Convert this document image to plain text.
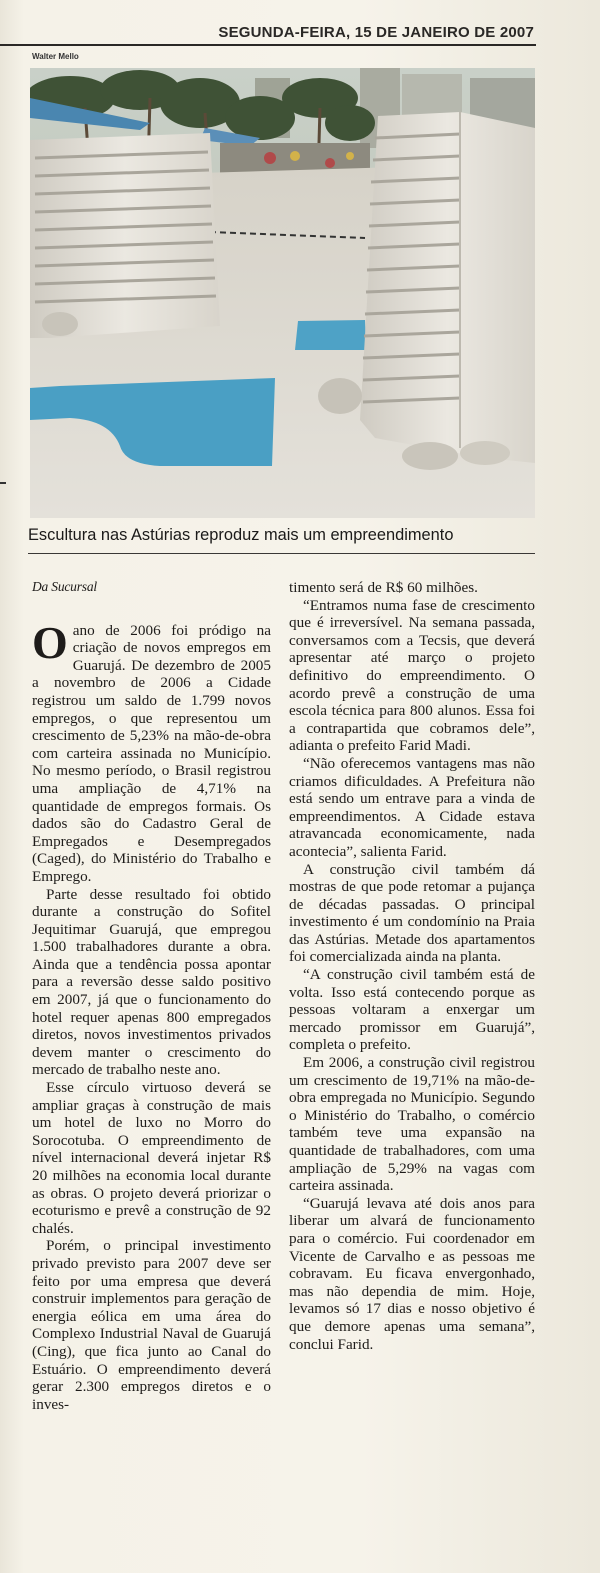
SEGUNDA-FEIRA, 15 DE JANEIRO DE 2007
Walter Mello
Escultura nas Astúrias reproduz mais um empreendimento
Da Sucursal

Oano de 2006 foi pródigo na criação de novos empregos em Guarujá. De dezembro de 2005 a novembro de 2006 a Cidade registrou um saldo de 1.799 novos empregos, o que representou um crescimento de 5,23% na mão-de-obra com carteira assinada no Município. No mesmo período, o Brasil registrou uma ampliação de 4,71% na quantidade de empregos formais. Os dados são do Cadastro Geral de Empregados e Desempregados (Caged), do Ministério do Trabalho e Emprego.

Parte desse resultado foi obtido durante a construção do Sofitel Jequitimar Guarujá, que empregou 1.500 trabalhadores durante a obra. Ainda que a tendência possa apontar para a reversão desse saldo positivo em 2007, já que o funcionamento do hotel requer apenas 800 empregados diretos, novos investimentos privados devem manter o crescimento do mercado de trabalho neste ano.

Esse círculo virtuoso deverá se ampliar graças à construção de mais um hotel de luxo no Morro do Sorocotuba. O empreendimento de nível internacional deverá injetar R$ 20 milhões na economia local durante as obras. O projeto deverá priorizar o ecoturismo e prevê a construção de 92 chalés.

Porém, o principal investimento privado previsto para 2007 deve ser feito por uma empresa que deverá construir implementos para geração de energia eólica em uma área do Complexo Industrial Naval de Guarujá (Cing), que fica junto ao Canal do Estuário. O empreendimento deverá gerar 2.300 empregos diretos e o inves-

timento será de R$ 60 milhões.

“Entramos numa fase de crescimento que é irreversível. Na semana passada, conversamos com a Tecsis, que deverá apresentar até março o projeto definitivo do empreendimento. O acordo prevê a construção de uma escola técnica para 800 alunos. Essa foi a contrapartida que cobramos dele”, adianta o prefeito Farid Madi.

“Não oferecemos vantagens mas não criamos dificuldades. A Prefeitura não está sendo um entrave para a vinda de empreendimentos. A Cidade estava atravancada economicamente, nada acontecia”, salienta Farid.

A construção civil também dá mostras de que pode retomar a pujança de décadas passadas. O principal investimento é um condomínio na Praia das Astúrias. Metade dos apartamentos foi comercializada ainda na planta.

“A construção civil também está de volta. Isso está contecendo porque as pessoas voltaram a enxergar um mercado promissor em Guarujá”, completa o prefeito.

Em 2006, a construção civil registrou um crescimento de 19,71% na mão-de-obra empregada no Município. Segundo o Ministério do Trabalho, o comércio também teve uma expansão na quantidade de trabalhadores, com uma ampliação de 5,29% na vagas com carteira assinada.

“Guarujá levava até dois anos para liberar um alvará de funcionamento para o comércio. Fui coordenador em Vicente de Carvalho e as pessoas me cobravam. Eu ficava envergonhado, mas não dependia de mim. Hoje, levamos só 17 dias e nosso objetivo é que demore apenas uma semana”, conclui Farid.
